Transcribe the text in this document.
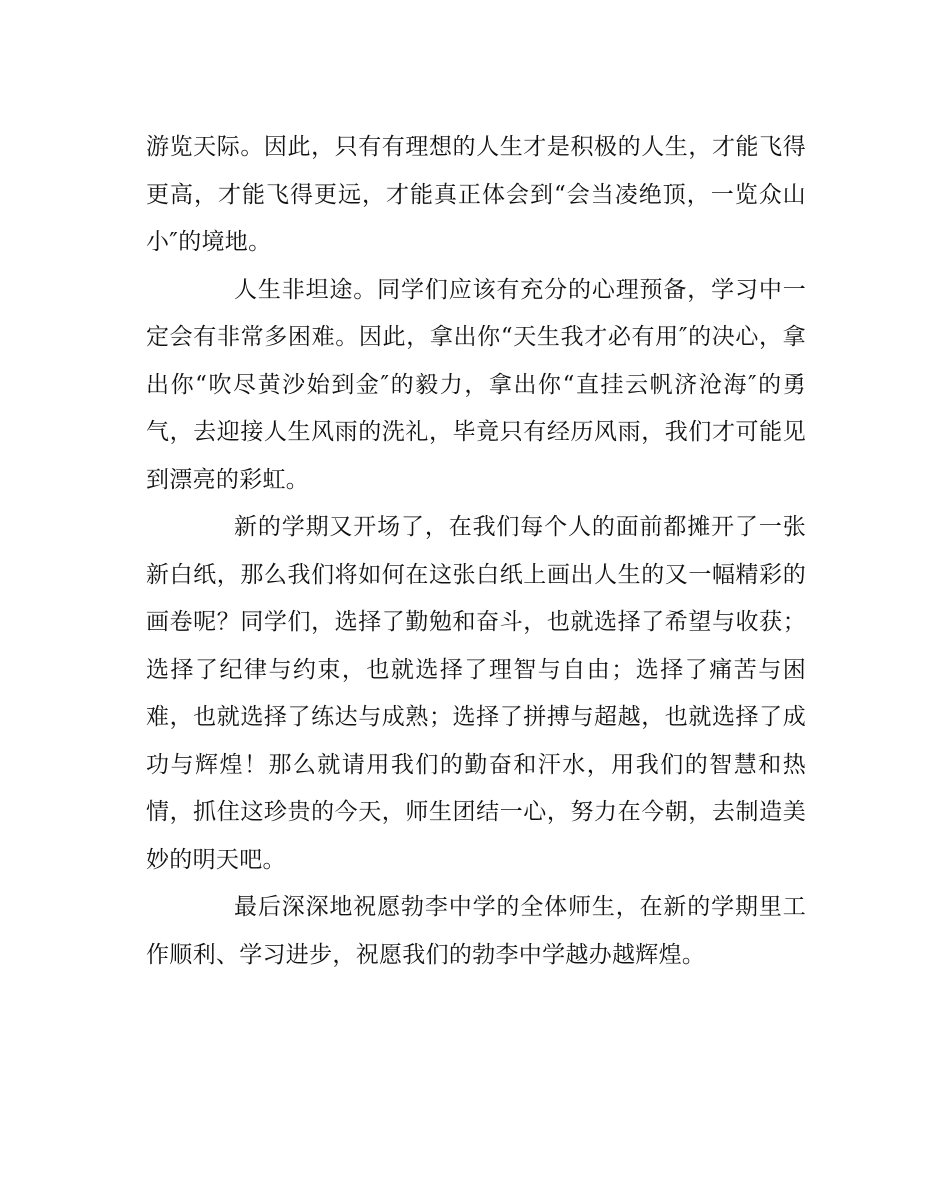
游览天际。因此，只有有理想的人生才是积极的人生，才能飞得更高，才能飞得更远，才能真正体会到“会当凌绝顶，一览众山小″的境地。

人生非坦途。同学们应该有充分的心理预备，学习中一定会有非常多困难。因此，拿出你“天生我才必有用″的决心，拿出你“吹尽黄沙始到金″的毅力，拿出你“直挂云帆济沧海″的勇气，去迎接人生风雨的洗礼，毕竟只有经历风雨，我们才可能见到漂亮的彩虹。

新的学期又开场了，在我们每个人的面前都摊开了一张新白纸，那么我们将如何在这张白纸上画出人生的又一幅精彩的画卷呢？同学们，选择了勤勉和奋斗，也就选择了希望与收获；选择了纪律与约束，也就选择了理智与自由；选择了痛苦与困难，也就选择了练达与成熟；选择了拼搏与超越，也就选择了成功与辉煌！那么就请用我们的勤奋和汗水，用我们的智慧和热情，抓住这珍贵的今天，师生团结一心，努力在今朝，去制造美妙的明天吧。

最后深深地祝愿勃李中学的全体师生，在新的学期里工作顺利、学习进步，祝愿我们的勃李中学越办越辉煌。
